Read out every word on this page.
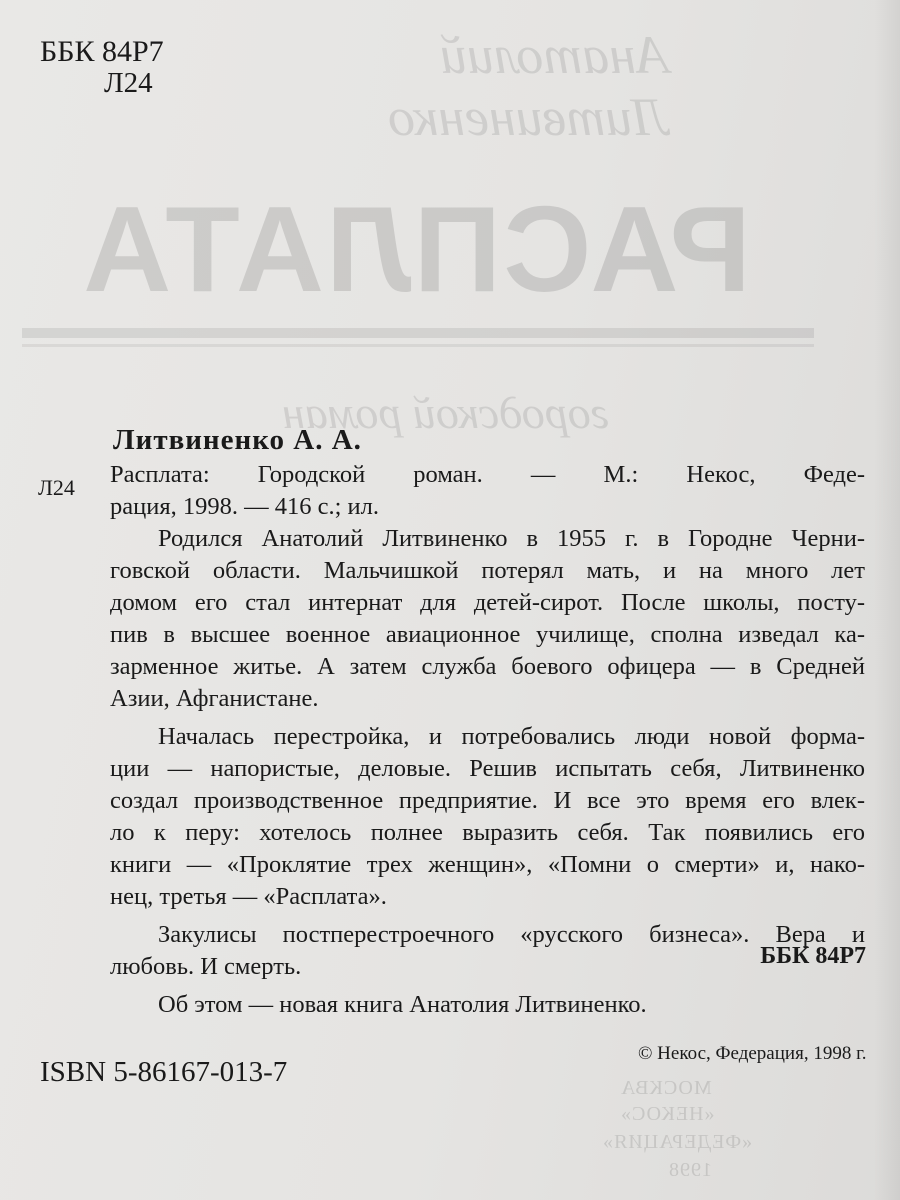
Анатолий
Литвиненко
РАСПЛАТА
городской роман
МОСКВА
«НЕКОС»
«ФЕДЕРАЦИЯ»
1998
ББК 84Р7
Л24
Литвиненко А. А.
Л24 Расплата: Городской роман. — М.: Некос, Феде-
рация, 1998. — 416 с.; ил.
Родился Анатолий Литвиненко в 1955 г. в Городне Черни-
говской области. Мальчишкой потерял мать, и на много лет
домом его стал интернат для детей-сирот. После школы, посту-
пив в высшее военное авиационное училище, сполна изведал ка-
зарменное житье. А затем служба боевого офицера — в Средней
Азии, Афганистане.
Началась перестройка, и потребовались люди новой форма-
ции — напористые, деловые. Решив испытать себя, Литвиненко
создал производственное предприятие. И все это время его влек-
ло к перу: хотелось полнее выразить себя. Так появились его
книги — «Проклятие трех женщин», «Помни о смерти» и, нако-
нец, третья — «Расплата».
Закулисы постперестроечного «русского бизнеса». Вера и
любовь. И смерть.
Об этом — новая книга Анатолия Литвиненко.
ББК 84Р7
ISBN 5-86167-013-7
© Некос, Федерация, 1998 г.
